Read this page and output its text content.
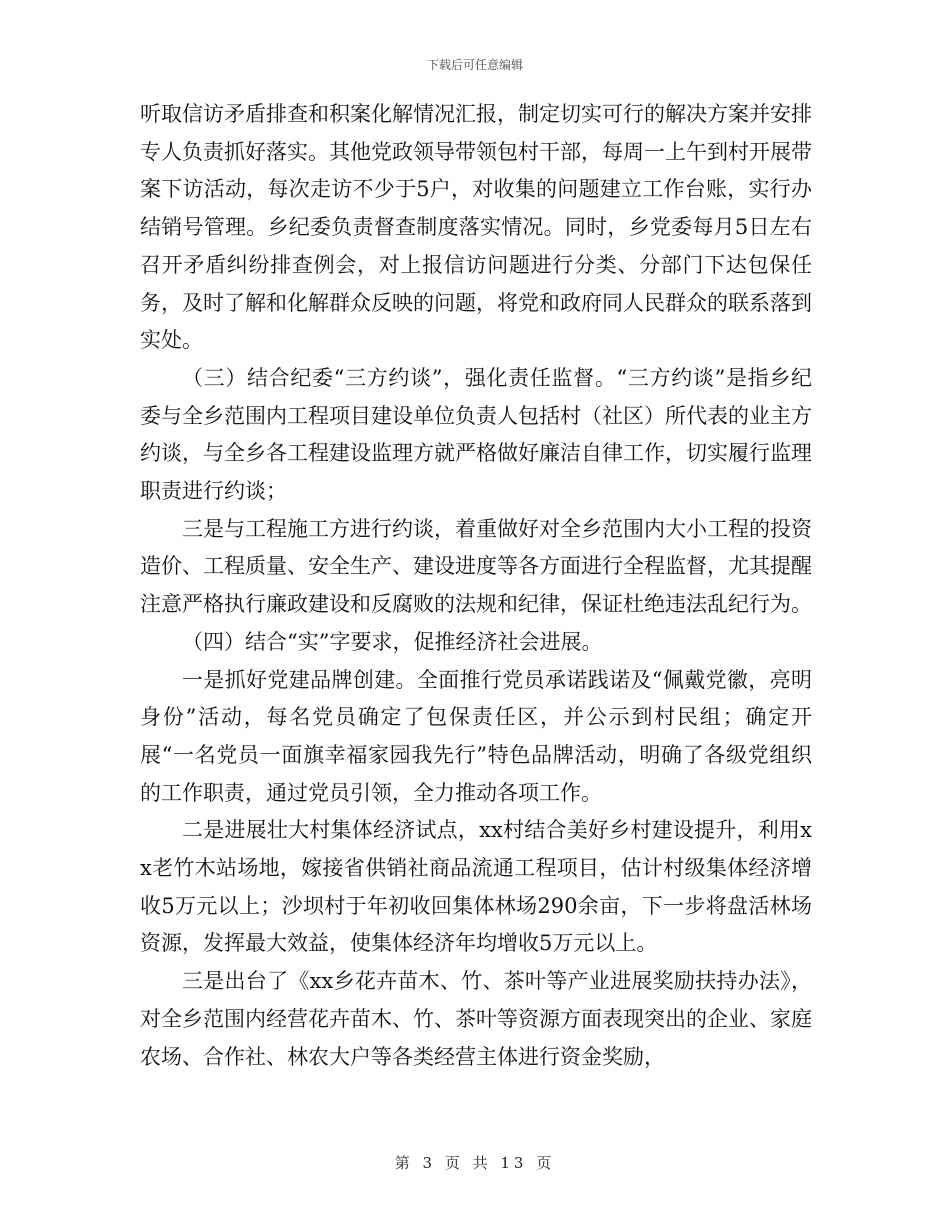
下载后可任意编辑

听取信访矛盾排查和积案化解情况汇报，制定切实可行的解决方案并安排专人负责抓好落实。其他党政领导带领包村干部，每周一上午到村开展带案下访活动，每次走访不少于5户，对收集的问题建立工作台账，实行办结销号管理。乡纪委负责督查制度落实情况。同时，乡党委每月5日左右召开矛盾纠纷排查例会，对上报信访问题进行分类、分部门下达包保任务，及时了解和化解群众反映的问题，将党和政府同人民群众的联系落到实处。

（三）结合纪委“三方约谈”，强化责任监督。“三方约谈”是指乡纪委与全乡范围内工程项目建设单位负责人包括村（社区）所代表的业主方约谈，与全乡各工程建设监理方就严格做好廉洁自律工作，切实履行监理职责进行约谈；

三是与工程施工方进行约谈，着重做好对全乡范围内大小工程的投资造价、工程质量、安全生产、建设进度等各方面进行全程监督，尤其提醒注意严格执行廉政建设和反腐败的法规和纪律，保证杜绝违法乱纪行为。

（四）结合“实”字要求，促推经济社会进展。

一是抓好党建品牌创建。全面推行党员承诺践诺及“佩戴党徽，亮明身份”活动，每名党员确定了包保责任区，并公示到村民组；确定开展“一名党员一面旗幸福家园我先行”特色品牌活动，明确了各级党组织的工作职责，通过党员引领，全力推动各项工作。

二是进展壮大村集体经济试点，xx村结合美好乡村建设提升，利用xx老竹木站场地，嫁接省供销社商品流通工程项目，估计村级集体经济增收5万元以上；沙坝村于年初收回集体林场290余亩，下一步将盘活林场资源，发挥最大效益，使集体经济年均增收5万元以上。

三是出台了《xx乡花卉苗木、竹、茶叶等产业进展奖励扶持办法》，对全乡范围内经营花卉苗木、竹、茶叶等资源方面表现突出的企业、家庭农场、合作社、林农大户等各类经营主体进行资金奖励，

第 3 页 共 13 页
